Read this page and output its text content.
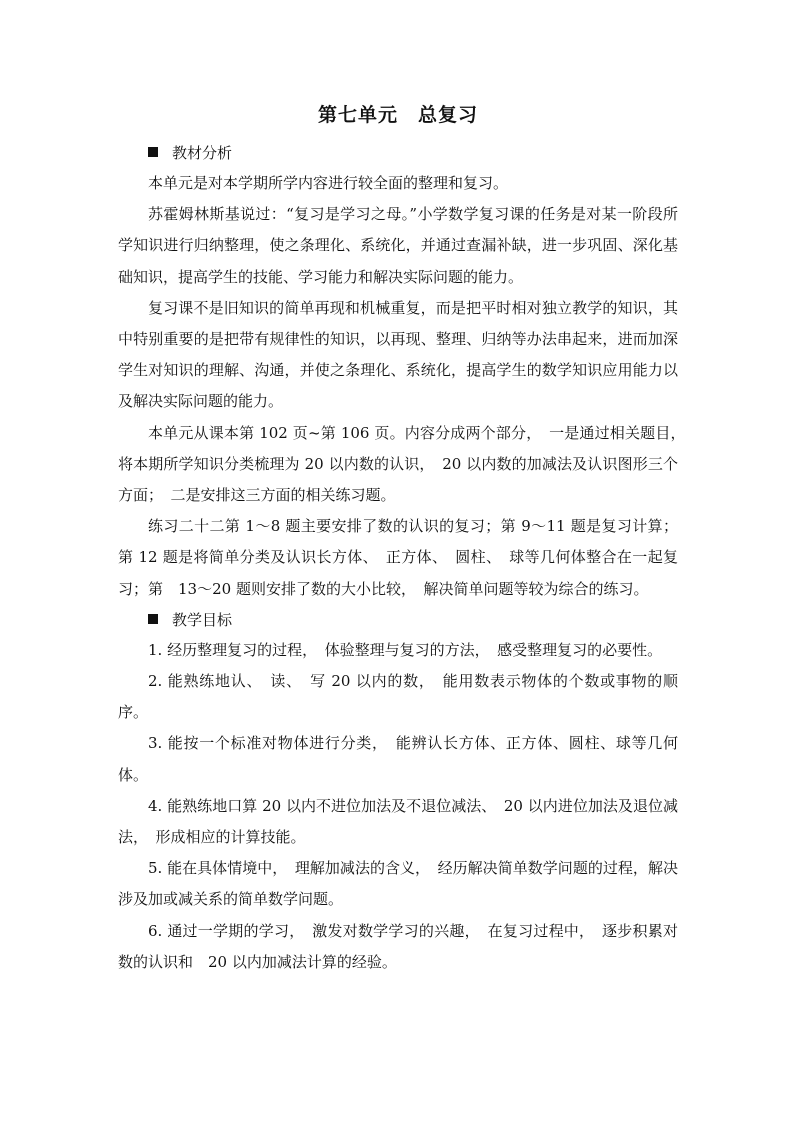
第七单元　总复习
教材分析

本单元是对本学期所学内容进行较全面的整理和复习。

苏霍姆林斯基说过：“复习是学习之母。”小学数学复习课的任务是对某一阶段所学知识进行归纳整理，使之条理化、系统化，并通过查漏补缺，进一步巩固、深化基础知识，提高学生的技能、学习能力和解决实际问题的能力。

复习课不是旧知识的简单再现和机械重复，而是把平时相对独立教学的知识，其中特别重要的是把带有规律性的知识，以再现、整理、归纳等办法串起来，进而加深学生对知识的理解、沟通，并使之条理化、系统化，提高学生的数学知识应用能力以及解决实际问题的能力。

本单元从课本第 102 页~第 106 页。内容分成两个部分，　一是通过相关题目，　将本期所学知识分类梳理为 20 以内数的认识，　20 以内数的加减法及认识图形三个方面；　二是安排这三方面的相关练习题。

练习二十二第 1～8 题主要安排了数的认识的复习；第 9～11 题是复习计算；第 12 题是将简单分类及认识长方体、　正方体、　圆柱、　球等几何体整合在一起复习；第　13～20 题则安排了数的大小比较，　解决简单问题等较为综合的练习。

教学目标

1. 经历整理复习的过程，　体验整理与复习的方法，　感受整理复习的必要性。

2. 能熟练地认、　读、　写 20 以内的数，　能用数表示物体的个数或事物的顺序。

3. 能按一个标准对物体进行分类，　能辨认长方体、正方体、圆柱、球等几何体。

4. 能熟练地口算 20 以内不进位加法及不退位减法、　20 以内进位加法及退位减法，　形成相应的计算技能。

5. 能在具体情境中，　理解加减法的含义，　经历解决简单数学问题的过程，解决涉及加或减关系的简单数学问题。

6. 通过一学期的学习，　激发对数学学习的兴趣，　在复习过程中，　逐步积累对数的认识和　20 以内加减法计算的经验。
